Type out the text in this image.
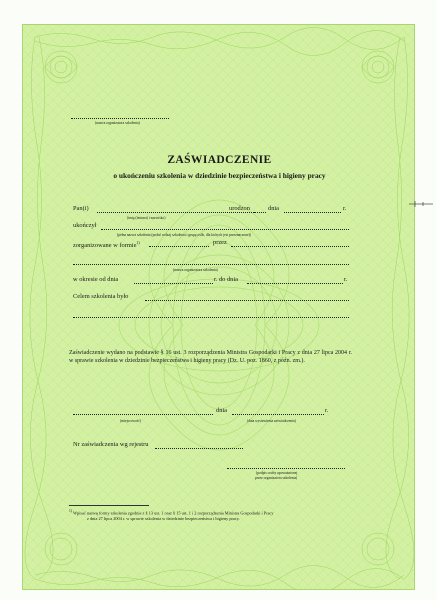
(nazwa organizatora szkolenia)
ZAŚWIADCZENIE
o ukończeniu szkolenia w dziedzinie bezpieczeństwa i higieny pracy
Pan(i)	urodzon	dnia	r.
(imię (imiona) i nazwisko)
ukończył
(pełna nazwa szkolenia (podać rodzaj szkolenia i grupę osób, dla których jest przeznaczone))
zorganizowane w formie$^{1)}$	przez
(nazwa organizatora szkolenia)
w okresie od dnia	r. do dnia	r.
Celem szkolenia było
Zaświadczenie wydano na podstawie § 16 ust. 3 rozporządzenia Ministra Gospodarki i Pracy z dnia 27 lipca 2004 r. w sprawie szkolenia w dziedzinie bezpieczeństwa i higieny pracy (Dz. U. poz. 1860, z późn. zm.).
dnia	r.
(miejscowość)	(data wystawienia zaświadczenia)
Nr zaświadczenia wg rejestru
(podpis osoby upoważnionej
przez organizatora szkolenia)
$^{1)}$ Wpisać nazwę formy szkolenia zgodnie z § 13 ust. 1 oraz § 15 ust. 1 i 2 rozporządzenia Ministra Gospodarki i Pracy
z dnia 27 lipca 2004 r. w sprawie szkolenia w dziedzinie bezpieczeństwa i higieny pracy.
